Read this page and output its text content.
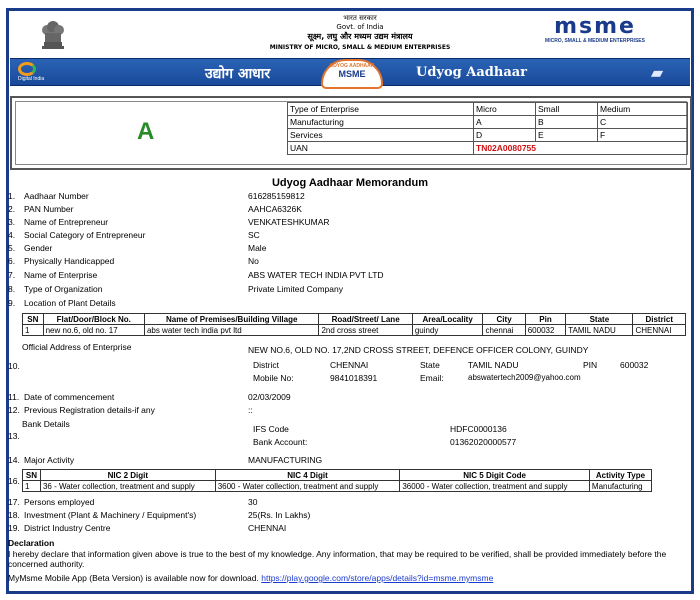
भारत सरकार
Govt. of India
सूक्ष्म, लघु और मध्यम उद्यम मंत्रालय
MINISTRY OF MICRO, SMALL & MEDIUM ENTERPRISES
msme
MICRO, SMALL & MEDIUM ENTERPRISES
Digital India	उद्योग आधार	UDYOG AADHAAR
MSME	Udyog Aadhaar	▰
A
Type of Enterprise	Micro	Small	Medium
Manufacturing	A	B	C
Services	D	E	F
UAN	TN02A0080755		
Udyog Aadhaar Memorandum
1. Aadhaar Number	616285159812
2. PAN Number	AAHCA6326K
3. Name of Entrepreneur	VENKATESHKUMAR
4. Social Category of Entrepreneur	SC
5. Gender	Male
6. Physically Handicapped	No
7. Name of Enterprise	ABS WATER TECH INDIA PVT LTD
8. Type of Organization	Private Limited Company
9. Location of Plant Details
SN	Flat/Door/Block No.	Name of Premises/Building Village	Road/Street/ Lane	Area/Locality	City	Pin	State	District
1	new no.6, old no. 17	abs water tech india pvt ltd	2nd cross street	guindy	chennai	600032	TAMIL NADU	CHENNAI
Official Address of Enterprise
10.
NEW NO.6, OLD NO. 17,2ND CROSS STREET, DEFENCE OFFICER COLONY, GUINDY
District	CHENNAI	State	TAMIL NADU	PIN	600032
Mobile No:	9841018391	Email:	abswatertech2009@yahoo.com
11. Date of commencement	02/03/2009
12. Previous Registration details-if any	::
Bank Details
13.
IFS Code	HDFC0000136
Bank Account:	01362020000577
14. Major Activity	MANUFACTURING
16.
SN	NIC 2 Digit	NIC 4 Digit	NIC 5 Digit Code	Activity Type
1	36 - Water collection, treatment and supply	3600 - Water collection, treatment and supply	36000 - Water collection, treatment and supply	Manufacturing
17. Persons employed	30
18. Investment (Plant & Machinery / Equipment's)	25(Rs. In Lakhs)
19. District Industry Centre	CHENNAI
Declaration
I hereby declare that information given above is true to the best of my knowledge. Any information, that may be required to be verified, shall be provided immediately before the concerned authority.
MyMsme Mobile App (Beta Version) is available now for download. https://play.google.com/store/apps/details?id=msme.mymsme
